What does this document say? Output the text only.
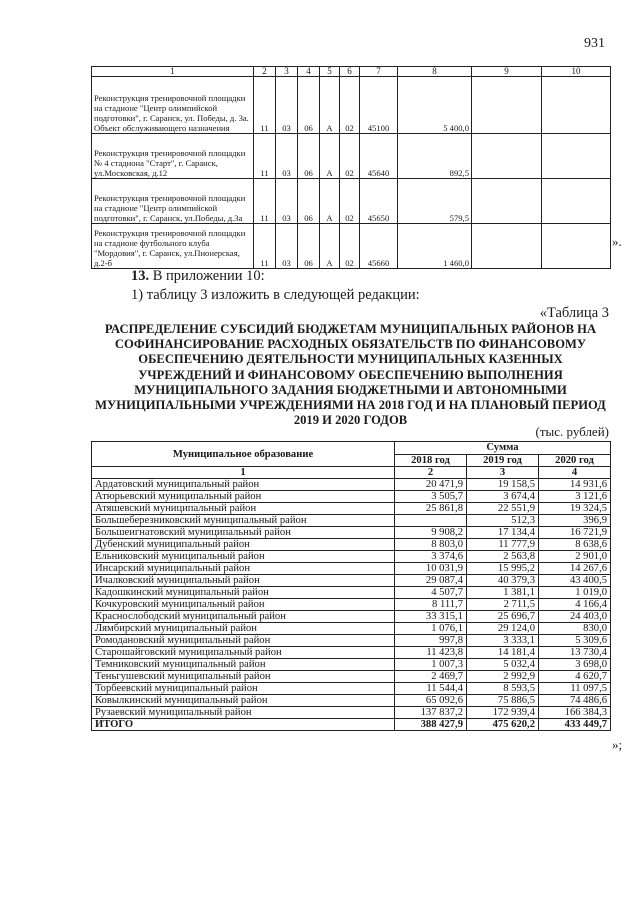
931
1	2	3	4	5	6	7	8	9	10
Реконструкция тренировочной площадки на стадионе "Центр олимпийской подготовки", г. Саранск, ул. Победы, д. 3а. Объект обслуживающего назначения	11	03	06	А	02	45100	5 400,0		
Реконструкция тренировочной площадки № 4 стадиона "Старт", г. Саранск, ул.Московская, д.12	11	03	06	А	02	45640	892,5		
Реконструкция тренировочной площадки на стадионе "Центр олимпийской подготовки", г. Саранск, ул.Победы, д.3а	11	03	06	А	02	45650	579,5		
Реконструкция тренировочной площадки на стадионе футбольного клуба "Мордовия", г. Саранск, ул.Пионерская, д.2-б	11	03	06	А	02	45660	1 460,0		
».
13. В приложении 10:
1) таблицу 3 изложить в следующей редакции:
«Таблица 3
РАСПРЕДЕЛЕНИЕ СУБСИДИЙ БЮДЖЕТАМ МУНИЦИПАЛЬНЫХ РАЙОНОВ НА СОФИНАНСИРОВАНИЕ РАСХОДНЫХ ОБЯЗАТЕЛЬСТВ ПО ФИНАНСОВОМУ ОБЕСПЕЧЕНИЮ ДЕЯТЕЛЬНОСТИ МУНИЦИПАЛЬНЫХ КАЗЕННЫХ УЧРЕЖДЕНИЙ И ФИНАНСОВОМУ ОБЕСПЕЧЕНИЮ ВЫПОЛНЕНИЯ МУНИЦИПАЛЬНОГО ЗАДАНИЯ БЮДЖЕТНЫМИ И АВТОНОМНЫМИ МУНИЦИПАЛЬНЫМИ УЧРЕЖДЕНИЯМИ НА 2018 ГОД И НА ПЛАНОВЫЙ ПЕРИОД 2019 И 2020 ГОДОВ
(тыс. рублей)
Муниципальное образование	Сумма		
	2018 год	2019 год	2020 год
1	2	3	4
Ардатовский муниципальный район	20 471,9	19 158,5	14 931,6
Атюрьевский муниципальный район	3 505,7	3 674,4	3 121,6
Атяшевский муниципальный район	25 861,8	22 551,9	19 324,5
Большеберезниковский муниципальный район		512,3	396,9
Большеигнатовский муниципальный район	9 908,2	17 134,4	16 721,9
Дубенский муниципальный район	8 803,0	11 777,9	8 638,6
Ельниковский муниципальный район	3 374,6	2 563,8	2 901,0
Инсарский муниципальный район	10 031,9	15 995,2	14 267,6
Ичалковский муниципальный район	29 087,4	40 379,3	43 400,5
Кадошкинский муниципальный район	4 507,7	1 381,1	1 019,0
Кочкуровский муниципальный район	8 111,7	2 711,5	4 166,4
Краснослободский муниципальный район	33 315,1	25 696,7	24 403,0
Лямбирский муниципальный район	1 076,1	29 124,0	830,0
Ромодановский муниципальный район	997,8	3 333,1	5 309,6
Старошайговский муниципальный район	11 423,8	14 181,4	13 730,4
Темниковский муниципальный район	1 007,3	5 032,4	3 698,0
Теньгушевский муниципальный район	2 469,7	2 992,9	4 620,7
Торбеевский муниципальный район	11 544,4	8 593,5	11 097,5
Ковылкинский муниципальный район	65 092,6	75 886,5	74 486,6
Рузаевский муниципальный район	137 837,2	172 939,4	166 384,3
ИТОГО	388 427,9	475 620,2	433 449,7
»;
